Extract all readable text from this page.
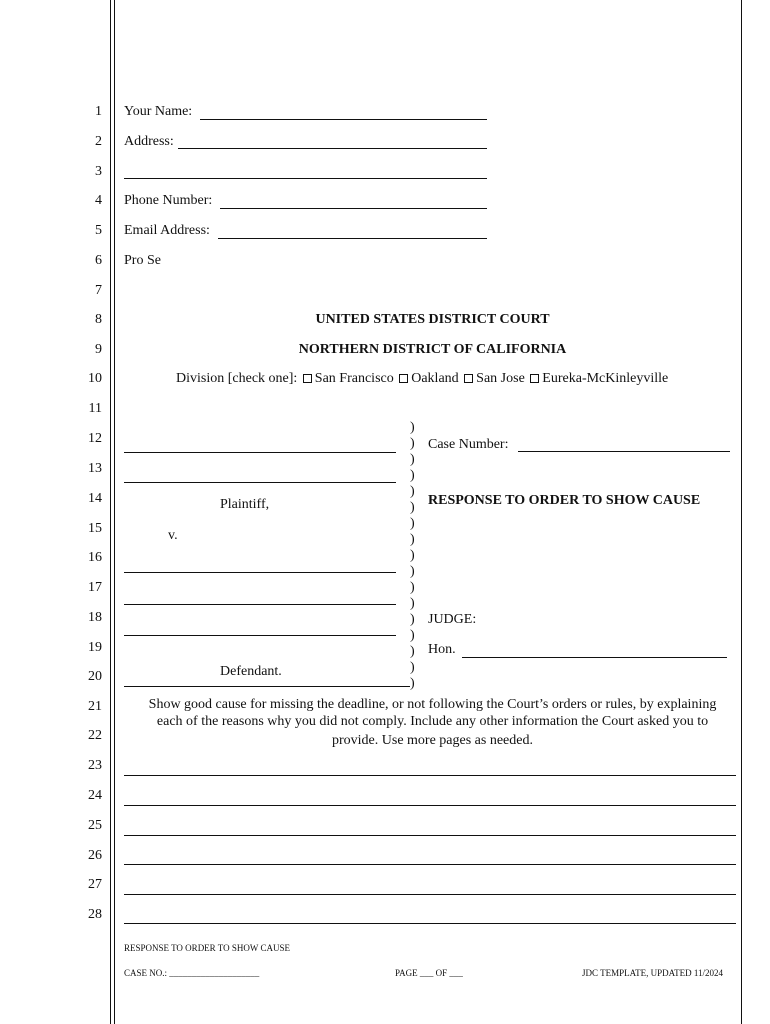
1
2
3
4
5
6
7
8
9
10
11
12
13
14
15
16
17
18
19
20
21
22
23
24
25
26
27
28
Your Name:
Address:
Phone Number:
Email Address:
Pro Se
UNITED STATES DISTRICT COURT
NORTHERN DISTRICT OF CALIFORNIA
Division [check one]: San Francisco Oakland San Jose Eureka-McKinleyville
Plaintiff,
v.
Defendant.
)
)
)
)
)
)
)
)
)
)
)
)
)
)
)
)
)
Case Number:
RESPONSE TO ORDER TO SHOW CAUSE
JUDGE:
Hon.
Show good cause for missing the deadline, or not following the Court’s orders or rules, by explaining
each of the reasons why you did not comply. Include any other information the Court asked you to
provide. Use more pages as needed.
RESPONSE TO ORDER TO SHOW CAUSE
CASE NO.: ____________________	PAGE ___ OF ___	JDC TEMPLATE, UPDATED 11/2024
